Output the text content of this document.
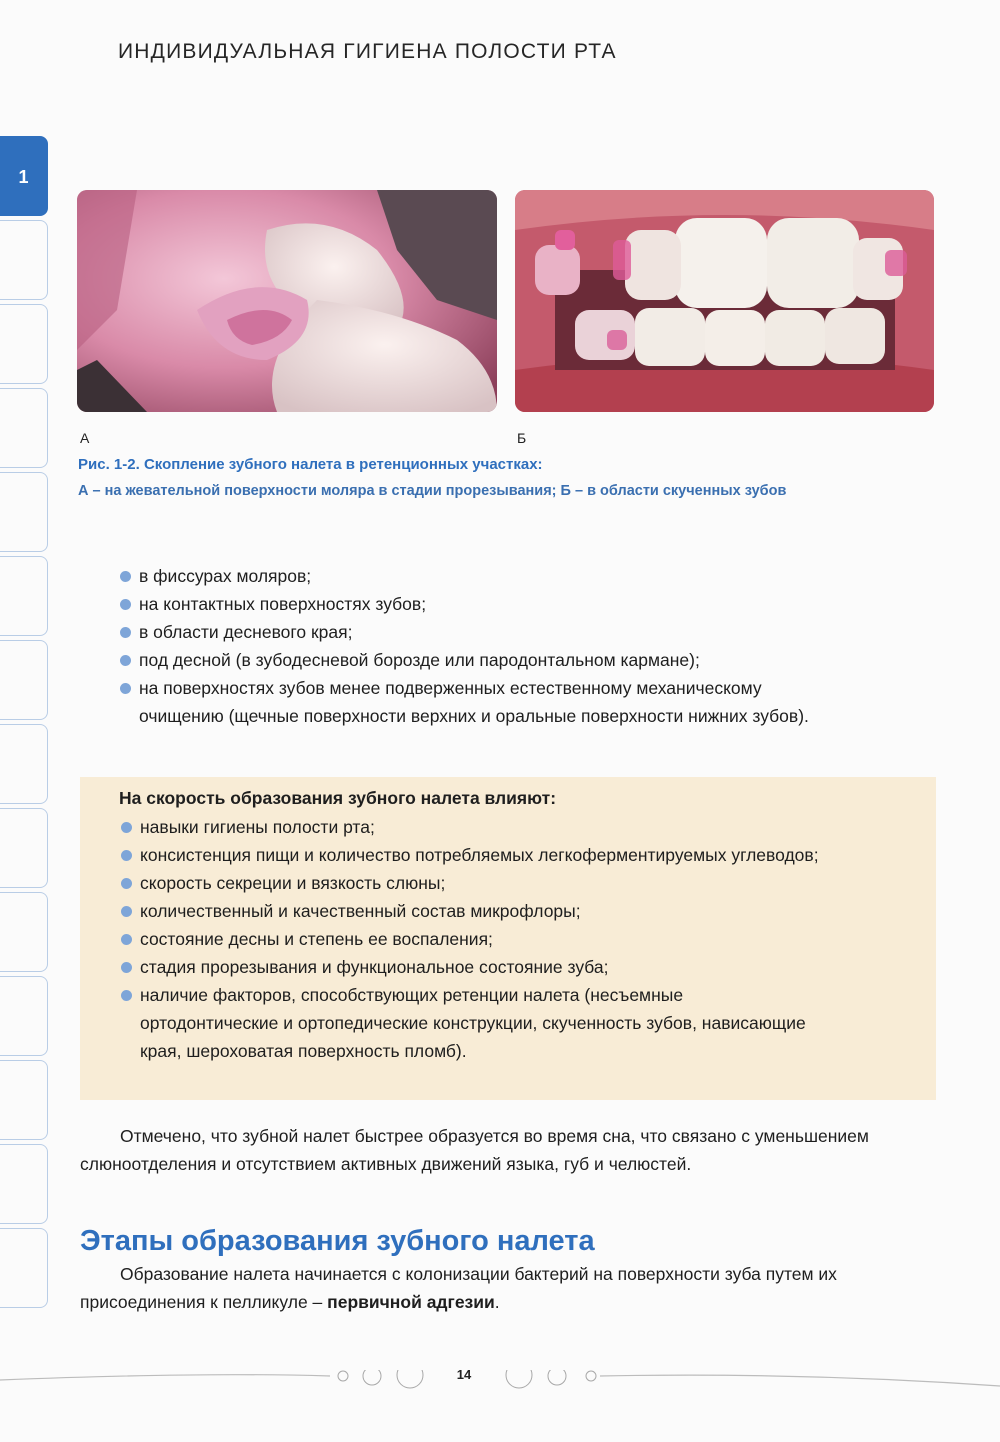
ИНДИВИДУАЛЬНАЯ ГИГИЕНА ПОЛОСТИ РТА
1
А	Б
Рис. 1-2. Скопление зубного налета в ретенционных участках:
А – на жевательной поверхности моляра в стадии прорезывания; Б – в области скученных зубов
в фиссурах моляров;
на контактных поверхностях зубов;
в области десневого края;
под десной (в зубодесневой борозде или пародонтальном кармане);
на поверхностях зубов менее подверженных естественному механическому очищению (щечные поверхности верхних и оральные поверхности нижних зубов).
На скорость образования зубного налета влияют:
навыки гигиены полости рта;
консистенция пищи и количество потребляемых легкоферментируемых углеводов;
скорость секреции и вязкость слюны;
количественный и качественный состав микрофлоры;
состояние десны и степень ее воспаления;
стадия прорезывания и функциональное состояние зуба;
наличие факторов, способствующих ретенции налета (несъемные ортодонтические и ортопедические конструкции, скученность зубов, нависающие края, шероховатая поверхность пломб).
Отмечено, что зубной налет быстрее образуется во время сна, что связано с уменьшением слюноотделения и отсутствием активных движений языка, губ и челюстей.
Этапы образования зубного налета
Образование налета начинается с колонизации бактерий на поверхности зуба путем их присоединения к пелликуле – первичной адгезии.
14
